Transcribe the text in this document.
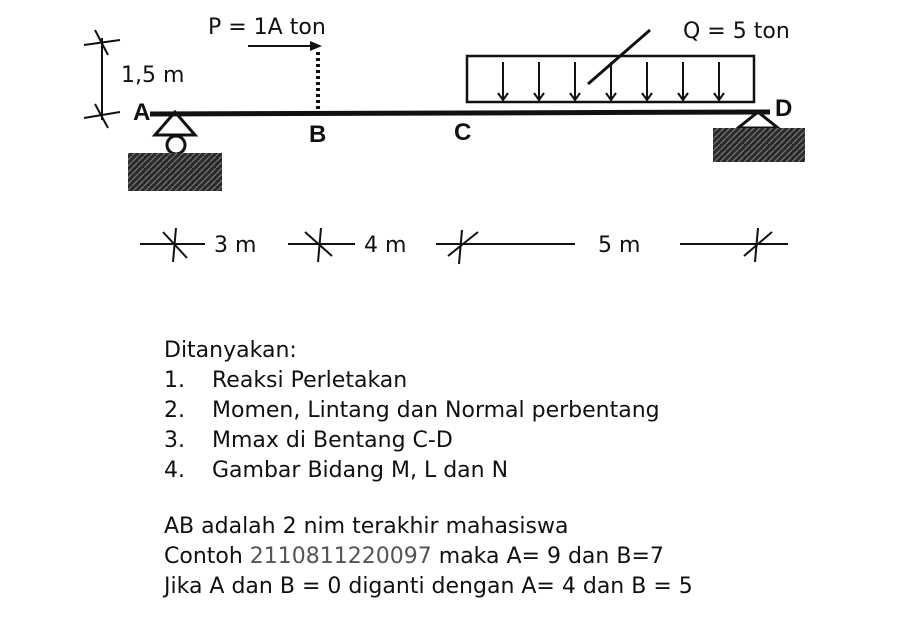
1,5 m
A	D
P = 1A ton	Q = 5 ton
B	C
3 m	4 m	5 m
Ditanyakan:
1.	Reaksi Perletakan
2.	Momen, Lintang dan Normal perbentang
3.	Mmax di Bentang C-D
4.	Gambar Bidang M, L dan N
AB adalah 2 nim terakhir mahasiswa
Contoh 2110811220097 maka A= 9 dan B=7
Jika A dan B = 0 diganti dengan A= 4 dan B = 5
